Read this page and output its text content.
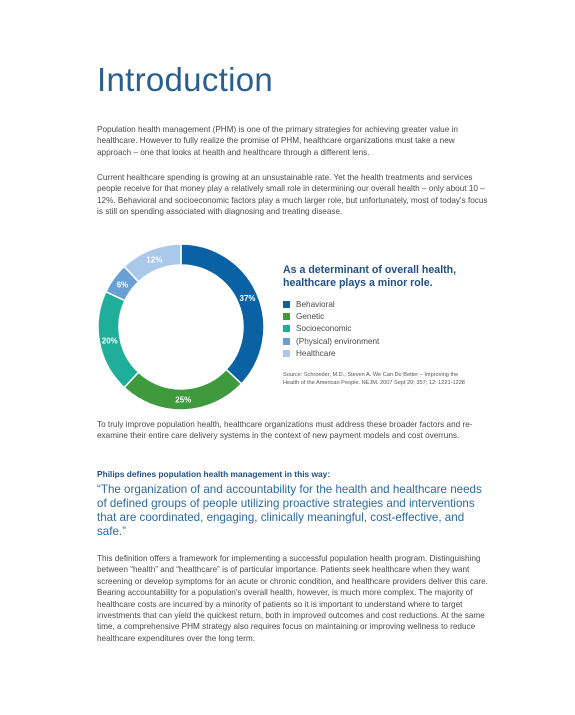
Introduction

Population health management (PHM) is one of the primary strategies for achieving greater value in healthcare. However to fully realize the promise of PHM, healthcare organizations must take a new approach – one that looks at health and healthcare through a different lens.

Current healthcare spending is growing at an unsustainable rate. Yet the health treatments and services people receive for that money play a relatively small role in determining our overall health – only about 10 – 12%. Behavioral and socioeconomic factors play a much larger role, but unfortunately, most of today's focus is still on spending associated with diagnosing and treating disease.

37%
25%
20%
6%
12%

As a determinant of overall health, healthcare plays a minor role.

Behavioral
Genetic
Socioeconomic
(Physical) environment
Healthcare
Source: Schroeder, M.D., Steven A. We Can Do Better – Improving the Health of the American People. NEJM. 2007 Sept 20; 357; 12: 1221-1228

To truly improve population health, healthcare organizations must address these broader factors and re-examine their entire care delivery systems in the context of new payment models and cost overruns.

Philips defines population health management in this way:

“The organization of and accountability for the health and healthcare needs of defined groups of people utilizing proactive strategies and interventions that are coordinated, engaging, clinically meaningful, cost-effective, and safe.”

This definition offers a framework for implementing a successful population health program. Distinguishing between “health” and “healthcare” is of particular importance. Patients seek healthcare when they want screening or develop symptoms for an acute or chronic condition, and healthcare providers deliver this care. Bearing accountability for a population's overall health, however, is much more complex. The majority of healthcare costs are incurred by a minority of patients so it is important to understand where to target investments that can yield the quickest return, both in improved outcomes and cost reductions. At the same time, a comprehensive PHM strategy also requires focus on maintaining or improving wellness to reduce healthcare expenditures over the long term.
